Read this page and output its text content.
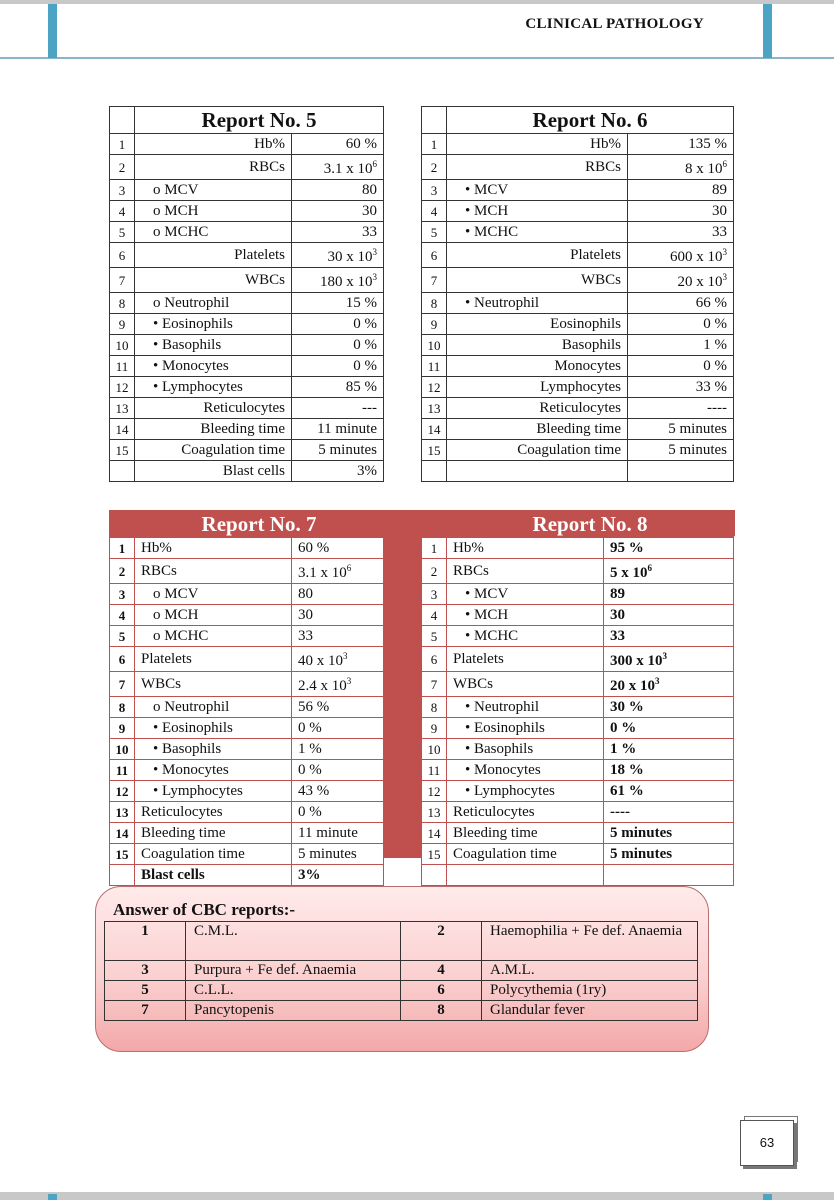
CLINICAL PATHOLOGY
	Report No. 5	
1	Hb%	60 %
2	RBCs	3.1 x $10^6$
3	o MCV	80
4	o MCH	30
5	o MCHC	33
6	Platelets	30 x $10^3$
7	WBCs	180 x $10^3$
8	o Neutrophil	15 %
9	• Eosinophils	0 %
10	• Basophils	0 %
11	• Monocytes	0 %
12	• Lymphocytes	85 %
13	Reticulocytes	---
14	Bleeding time	11 minute
15	Coagulation time	5 minutes
	Blast cells	3%
	Report No. 6	
1	Hb%	135 %
2	RBCs	8 x $10^6$
3	• MCV	89
4	• MCH	30
5	• MCHC	33
6	Platelets	600 x $10^3$
7	WBCs	20 x $10^3$
8	• Neutrophil	66 %
9	Eosinophils	0 %
10	Basophils	1 %
11	Monocytes	0 %
12	Lymphocytes	33 %
13	Reticulocytes	----
14	Bleeding time	5 minutes
15	Coagulation time	5 minutes

	Report No. 7	
1	Hb%	60 %
2	RBCs	3.1 x $10^6$
3	o MCV	80
4	o MCH	30
5	o MCHC	33
6	Platelets	40 x $10^3$
7	WBCs	2.4 x $10^3$
8	o Neutrophil	56 %
9	• Eosinophils	0 %
10	• Basophils	1 %
11	• Monocytes	0 %
12	• Lymphocytes	43 %
13	Reticulocytes	0 %
14	Bleeding time	11 minute
15	Coagulation time	5 minutes
	Blast cells	3%
	Report No. 8	
1	Hb%	95 %
2	RBCs	5 x $10^6$
3	• MCV	89
4	• MCH	30
5	• MCHC	33
6	Platelets	300 x $10^3$
7	WBCs	20 x $10^3$
8	• Neutrophil	30 %
9	• Eosinophils	0 %
10	• Basophils	1 %
11	• Monocytes	18 %
12	• Lymphocytes	61 %
13	Reticulocytes	----
14	Bleeding time	5 minutes
15	Coagulation time	5 minutes

Answer of CBC reports:-
1	C.M.L.	2	Haemophilia + Fe def. Anaemia
3	Purpura + Fe def. Anaemia	4	A.M.L.
5	C.L.L.	6	Polycythemia (1ry)
7	Pancytopenis	8	Glandular fever
63
